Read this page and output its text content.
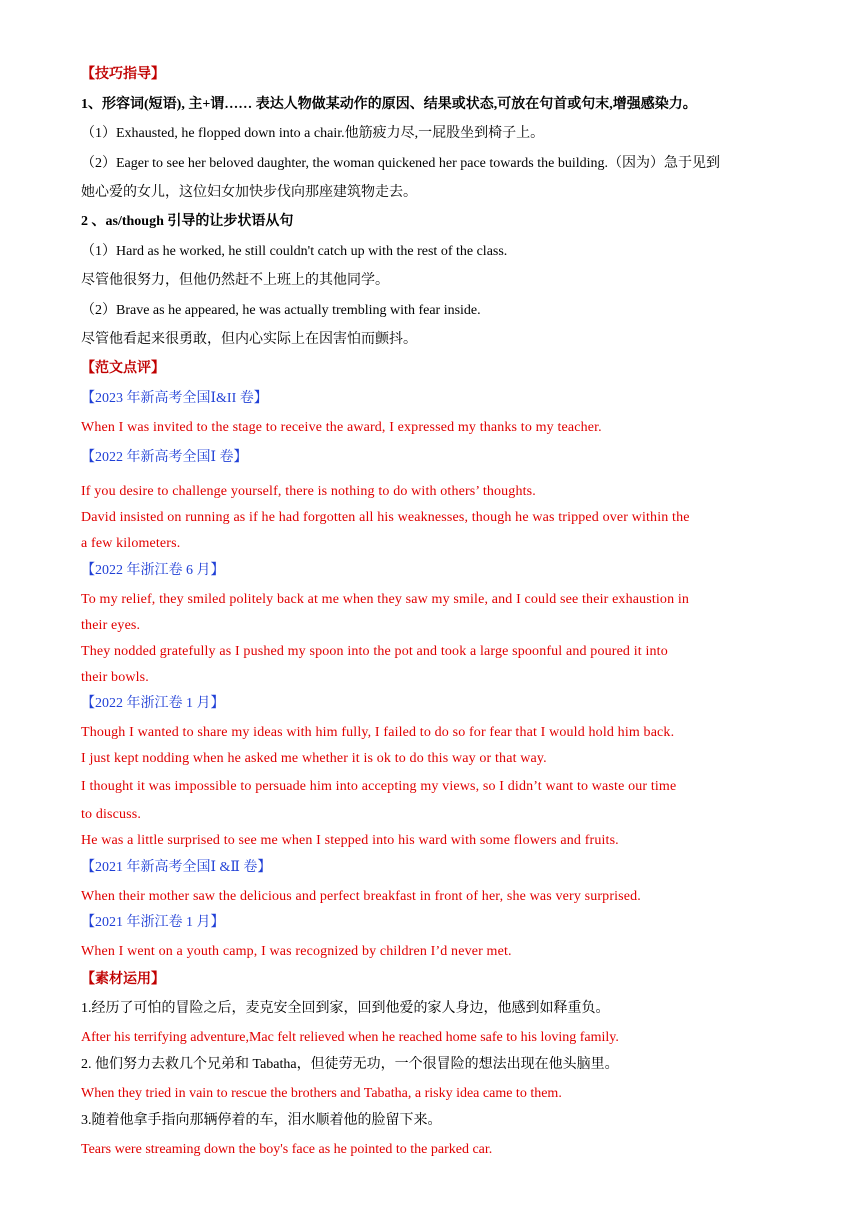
【技巧指导】
1、形容词(短语), 主+谓…… 表达人物做某动作的原因、结果或状态,可放在句首或句末,增强感染力。
（1）Exhausted, he flopped down into a chair.他筋疲力尽,一屁股坐到椅子上。
（2）Eager to see her beloved daughter, the woman quickened her pace towards the building.（因为）急于见到
她心爱的女儿，这位妇女加快步伐向那座建筑物走去。
2 、as/though 引导的让步状语从句
（1）Hard as he worked, he still couldn't catch up with the rest of the class.
尽管他很努力，但他仍然赶不上班上的其他同学。
（2）Brave as he appeared, he was actually trembling with fear inside.
尽管他看起来很勇敢，但内心实际上在因害怕而颤抖。
【范文点评】
【2023 年新高考全国Ⅰ&II 卷】
When I was invited to the stage to receive the award, I expressed my thanks to my teacher.
【2022 年新高考全国Ⅰ 卷】
If you desire to challenge yourself, there is nothing to do with others’ thoughts.
David insisted on running as if he had forgotten all his weaknesses, though he was tripped over within the
a few kilometers.
【2022 年浙江卷 6 月】
To my relief, they smiled politely back at me when they saw my smile, and I could see their exhaustion in
their eyes.
They nodded gratefully as I pushed my spoon into the pot and took a large spoonful and poured it into
their bowls.
【2022 年浙江卷 1 月】
Though I wanted to share my ideas with him fully, I failed to do so for fear that I would hold him back.
I just kept nodding when he asked me whether it is ok to do this way or that way.
I thought it was impossible to persuade him into accepting my views, so I didn’t want to waste our time
to discuss.
He was a little surprised to see me when I stepped into his ward with some flowers and fruits.
【2021 年新高考全国Ⅰ &Ⅱ 卷】
When their mother saw the delicious and perfect breakfast in front of her, she was very surprised.
【2021 年浙江卷 1 月】
When I went on a youth camp, I was recognized by children I’d never met.
【素材运用】
1.经历了可怕的冒险之后，麦克安全回到家，回到他爱的家人身边，他感到如释重负。
After his terrifying adventure,Mac felt relieved when he reached home safe to his loving family.
2. 他们努力去救几个兄弟和 Tabatha，但徒劳无功，一个很冒险的想法出现在他头脑里。
When they tried in vain to rescue the brothers and Tabatha, a risky idea came to them.
3.随着他拿手指向那辆停着的车，泪水顺着他的脸留下来。
Tears were streaming down the boy's face as he pointed to the parked car.
